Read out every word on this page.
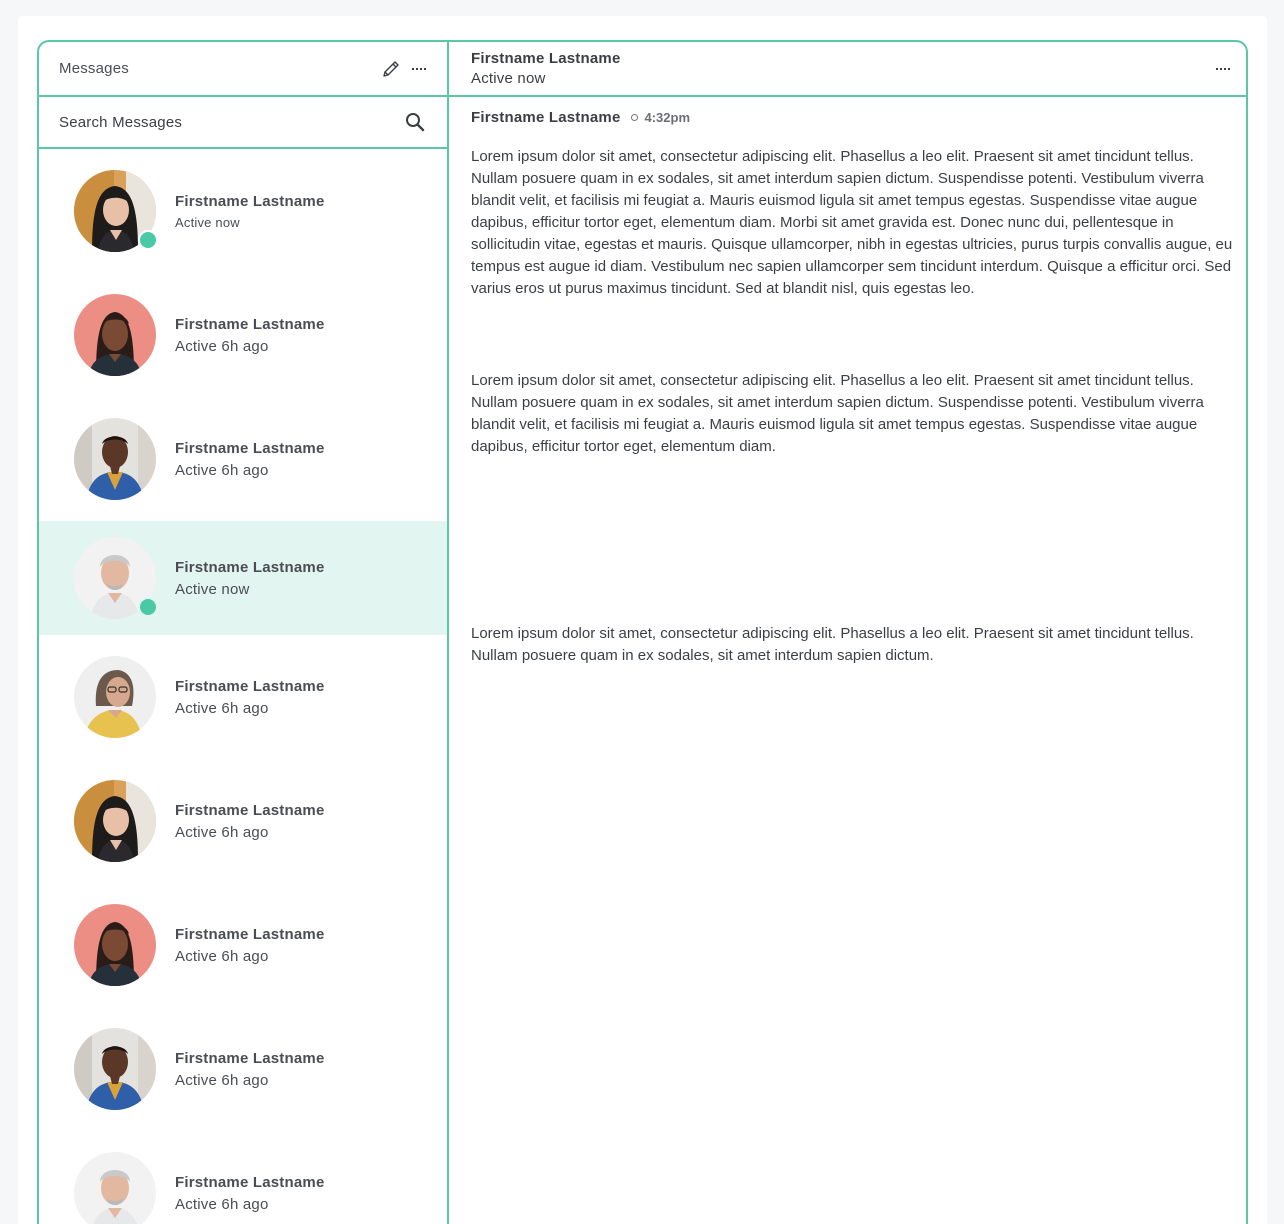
Messages
Search Messages
Firstname Lastname
Active now
Firstname Lastname
Active 6h ago
Firstname Lastname
Active 6h ago
Firstname Lastname
Active now
Firstname Lastname
Active 6h ago
Firstname Lastname
Active 6h ago
Firstname Lastname
Active 6h ago
Firstname Lastname
Active 6h ago
Firstname Lastname
Active 6h ago
Firstname Lastname
Active now
Firstname Lastname 4:32pm

Lorem ipsum dolor sit amet, consectetur adipiscing elit. Phasellus a leo elit. Praesent sit amet tincidunt tellus. Nullam posuere quam in ex sodales, sit amet interdum sapien dictum. Suspendisse potenti. Vestibulum viverra blandit velit, et facilisis mi feugiat a. Mauris euismod ligula sit amet tempus egestas. Suspendisse vitae augue dapibus, efficitur tortor eget, elementum diam. Morbi sit amet gravida est. Donec nunc dui, pellentesque in sollicitudin vitae, egestas et mauris. Quisque ullamcorper, nibh in egestas ultricies, purus turpis convallis augue, eu tempus est augue id diam. Vestibulum nec sapien ullamcorper sem tincidunt interdum. Quisque a efficitur orci. Sed varius eros ut purus maximus tincidunt. Sed at blandit nisl, quis egestas leo.

Lorem ipsum dolor sit amet, consectetur adipiscing elit. Phasellus a leo elit. Praesent sit amet tincidunt tellus. Nullam posuere quam in ex sodales, sit amet interdum sapien dictum. Suspendisse potenti. Vestibulum viverra blandit velit, et facilisis mi feugiat a. Mauris euismod ligula sit amet tempus egestas. Suspendisse vitae augue dapibus, efficitur tortor eget, elementum diam.

Lorem ipsum dolor sit amet, consectetur adipiscing elit. Phasellus a leo elit. Praesent sit amet tincidunt tellus. Nullam posuere quam in ex sodales, sit amet interdum sapien dictum.
